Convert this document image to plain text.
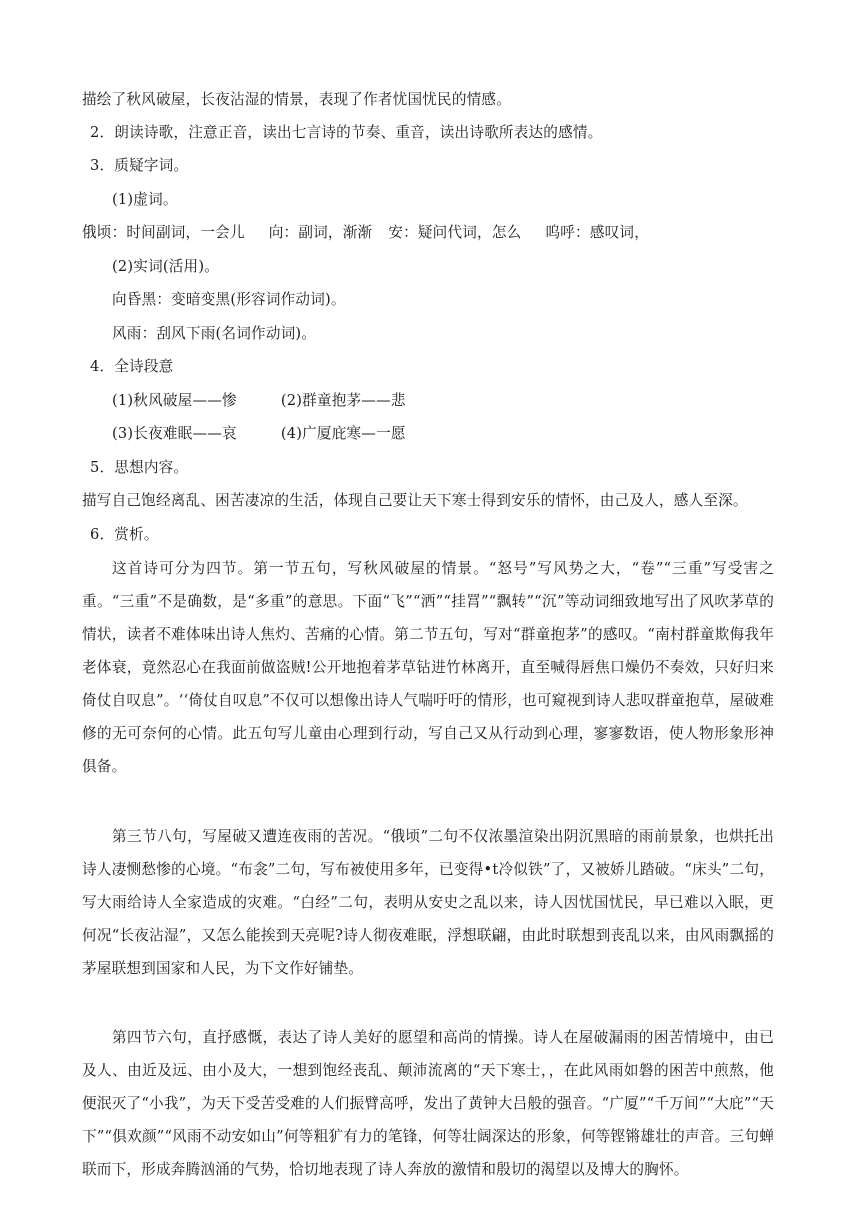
描绘了秋风破屋，长夜沾湿的情景，表现了作者忧国忧民的情感。
2．朗读诗歌，注意正音，读出七言诗的节奏、重音，读出诗歌所表达的感情。
3．质疑字词。
(1)虚词。
俄顷：时间副词，一会儿 向：副词，渐渐 安：疑问代词，怎么 呜呼：感叹词，
(2)实词(活用)。
向昏黑：变暗变黑(形容词作动词)。
风雨：刮风下雨(名词作动词)。
4．全诗段意
(1)秋风破屋——惨	(2)群童抱茅——悲
(3)长夜难眠——哀	(4)广厦庇寒—一愿
5．思想内容。
描写自己饱经离乱、困苦凄凉的生活，体现自己要让天下寒士得到安乐的情怀，由己及人，感人至深。
6．赏析。

这首诗可分为四节。第一节五句，写秋风破屋的情景。“怒号”写风势之大，“卷”“三重”写受害之重。“三重”不是确数，是“多重”的意思。下面“飞”“洒”“挂罥”“飘转”“沉”等动词细致地写出了风吹茅草的情状，读者不难体味出诗人焦灼、苦痛的心情。第二节五句，写对“群童抱茅”的感叹。“南村群童欺侮我年老体衰，竟然忍心在我面前做盗贼!公开地抱着茅草钻进竹林离开，直至喊得唇焦口燥仍不奏效，只好归来倚仗自叹息”。‘‘倚仗自叹息”不仅可以想像出诗人气喘吁吁的情形，也可窥视到诗人悲叹群童抱草，屋破难修的无可奈何的心情。此五句写儿童由心理到行动，写自己又从行动到心理，寥寥数语，使人物形象形神俱备。

第三节八句，写屋破又遭连夜雨的苦况。“俄顷”二句不仅浓墨渲染出阴沉黑暗的雨前景象，也烘托出诗人凄恻愁惨的心境。“布衾”二句，写布被使用多年，已变得•t冷似铁”了，又被娇儿踏破。“床头”二句，写大雨给诗人全家造成的灾难。“白经”二句，表明从安史之乱以来，诗人因忧国忧民，早已难以入眠，更何况“长夜沾湿”，又怎么能挨到天亮呢?诗人彻夜难眠，浮想联翩，由此时联想到丧乱以来，由风雨飘摇的茅屋联想到国家和人民，为下文作好铺垫。

第四节六句，直抒感慨，表达了诗人美好的愿望和高尚的情操。诗人在屋破漏雨的困苦情境中，由已及人、由近及远、由小及大，一想到饱经丧乱、颠沛流离的“天下寒士，，在此风雨如磐的困苦中煎熬，他便泯灭了“小我”，为天下受苦受难的人们振臂高呼，发出了黄钟大吕般的强音。“广厦”“千万间”“大庇”“天下”“俱欢颜”“风雨不动安如山”何等粗犷有力的笔锋，何等壮阔深达的形象，何等铿锵雄壮的声音。三句蝉联而下，形成奔腾汹涌的气势，恰切地表现了诗人奔放的激情和殷切的渴望以及博大的胸怀。
